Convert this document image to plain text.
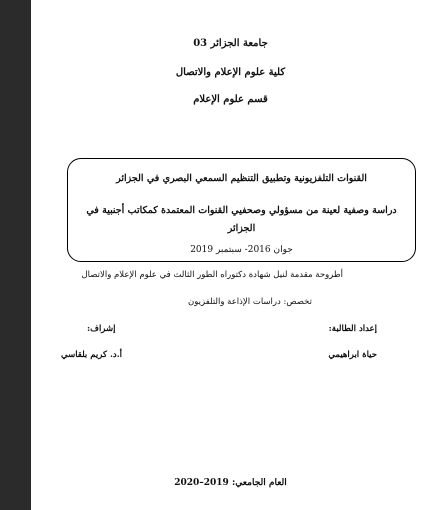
جامعة الجزائر 03
كلية علوم الإعلام والاتصال
قسم علوم الإعلام
القنوات التلفزيونية وتطبيق التنظيم السمعي البصري في الجزائر
دراسة وصفية لعينة من مسؤولي وصحفيي القنوات المعتمدة كمكاتب أجنبية في الجزائر
جوان 2016- سبتمبر 2019
أطروحة مقدمة لنيل شهادة دكتوراه الطور الثالث في علوم الإعلام والاتصال
تخصص: دراسات الإذاعة والتلفزيون
إعداد الطالبة:
إشراف:
حياة ابراهيمي
أ.د. كريم بلقاسي
العام الجامعي: 2019–2020
